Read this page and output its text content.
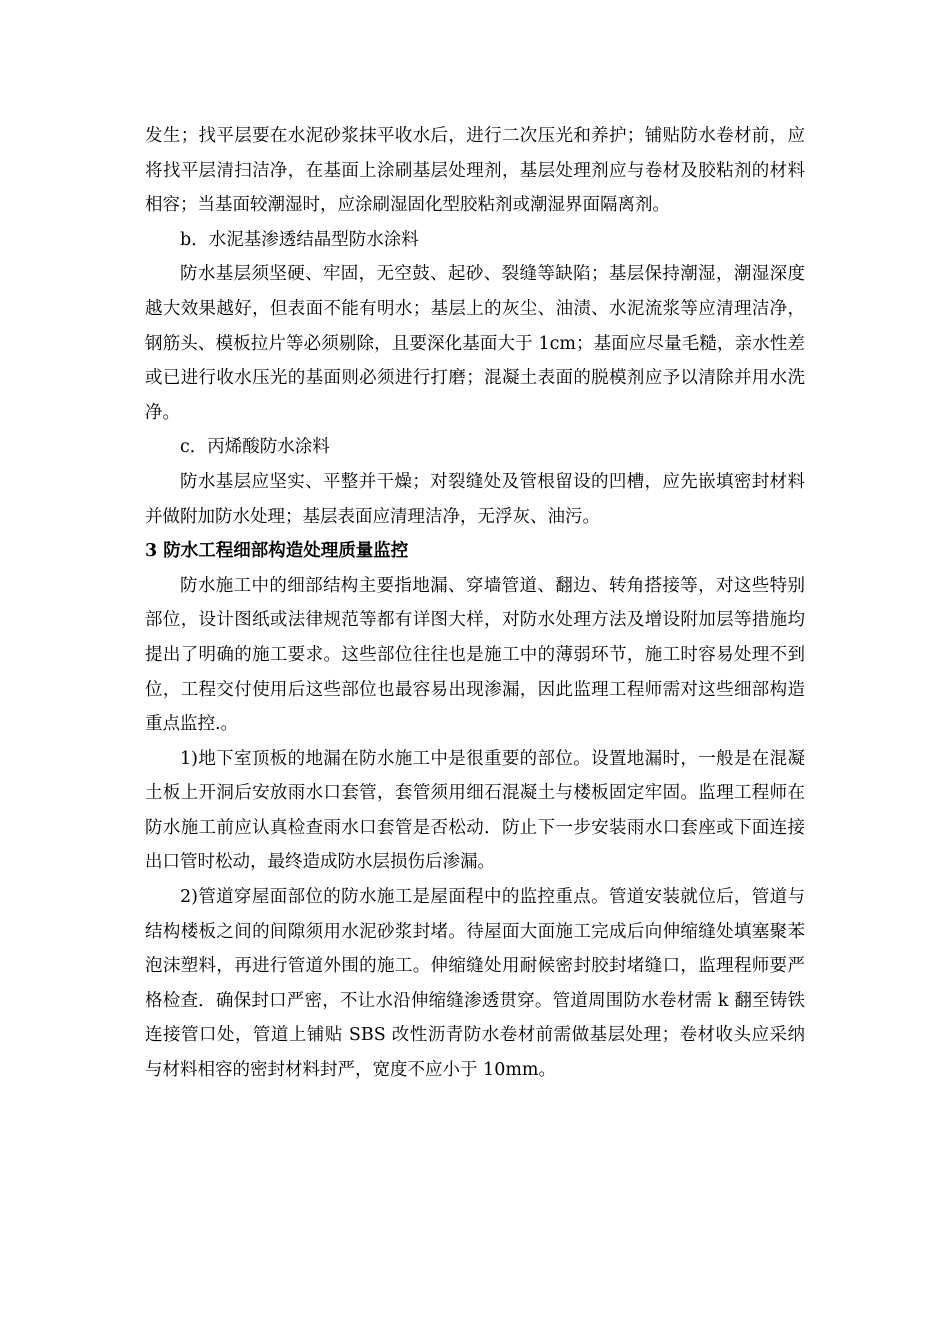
发生；找平层要在水泥砂浆抹平收水后，进行二次压光和养护；铺贴防水卷材前，应将找平层清扫洁净，在基面上涂刷基层处理剂，基层处理剂应与卷材及胶粘剂的材料相容；当基面较潮湿时，应涂刷湿固化型胶粘剂或潮湿界面隔离剂。

b．水泥基渗透结晶型防水涂料

防水基层须坚硬、牢固，无空鼓、起砂、裂缝等缺陷；基层保持潮湿，潮湿深度越大效果越好，但表面不能有明水；基层上的灰尘、油渍、水泥流浆等应清理洁净，钢筋头、模板拉片等必须剔除，且要深化基面大于 1cm；基面应尽量毛糙，亲水性差或已进行收水压光的基面则必须进行打磨；混凝土表面的脱模剂应予以清除并用水洗净。

c．丙烯酸防水涂料

防水基层应坚实、平整并干燥；对裂缝处及管根留设的凹槽，应先嵌填密封材料并做附加防水处理；基层表面应清理洁净，无浮灰、油污。

3 防水工程细部构造处理质量监控

防水施工中的细部结构主要指地漏、穿墙管道、翻边、转角搭接等，对这些特别部位，设计图纸或法律规范等都有详图大样，对防水处理方法及增设附加层等措施均提出了明确的施工要求。这些部位往往也是施工中的薄弱环节，施工时容易处理不到位，工程交付使用后这些部位也最容易出现渗漏，因此监理工程师需对这些细部构造重点监控.。

1)地下室顶板的地漏在防水施工中是很重要的部位。设置地漏时，一般是在混凝土板上开洞后安放雨水口套管，套管须用细石混凝土与楼板固定牢固。监理工程师在防水施工前应认真检查雨水口套管是否松动．防止下一步安装雨水口套座或下面连接出口管时松动，最终造成防水层损伤后渗漏。

2)管道穿屋面部位的防水施工是屋面程中的监控重点。管道安装就位后，管道与结构楼板之间的间隙须用水泥砂浆封堵。待屋面大面施工完成后向伸缩缝处填塞聚苯泡沫塑料，再进行管道外围的施工。伸缩缝处用耐候密封胶封堵缝口，监理程师要严格检查．确保封口严密，不让水沿伸缩缝渗透贯穿。管道周围防水卷材需 k 翻至铸铁连接管口处，管道上铺贴 SBS 改性沥青防水卷材前需做基层处理；卷材收头应采纳与材料相容的密封材料封严，宽度不应小于 10mm。
